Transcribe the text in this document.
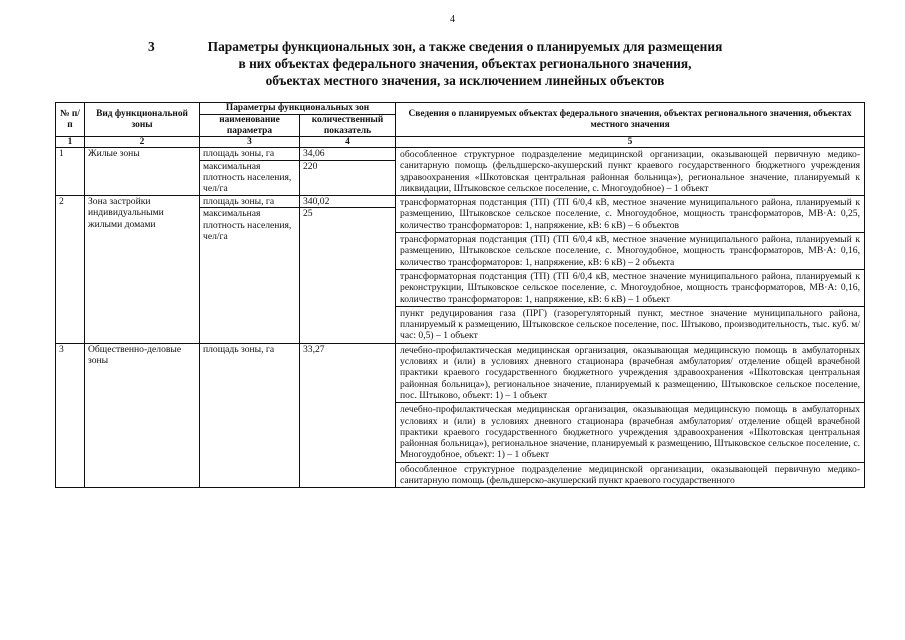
4
3	Параметры функциональных зон, а также сведения о планируемых для размещения
в них объектах федерального значения, объектах регионального значения,
объектах местного значения, за исключением линейных объектов
№ п/п	Вид функциональной зоны	Параметры функциональных зон		Сведения о планируемых объектах федерального значения, объектах регионального значения, объектах местного значения
		наименование параметра	количественный показатель	
1	2	3	4	5
1	Жилые зоны	площадь зоны, га	34,06	обособленное структурное подразделение медицинской организации, оказывающей первичную медико-санитарную помощь (фельдшерско-акушерский пункт краевого государственного бюджетного учреждения здравоохранения «Шкотовская центральная районная больница»), региональное значение, планируемый к ликвидации, Штыковское сельское поселение, с. Многоудобное) – 1 объект
		максимальная плотность населения, чел/га	220	
2	Зона застройки индивидуальными жилыми домами	площадь зоны, га	340,02	трансформаторная подстанция (ТП) (ТП 6/0,4 кВ, местное значение муниципального района, планируемый к размещению, Штыковское сельское поселение, с. Многоудобное, мощность трансформаторов, МВ·А: 0,25, количество трансформаторов: 1, напряжение, кВ: 6 кВ) – 6 объектов
		максимальная плотность населения, чел/га	25	
				трансформаторная подстанция (ТП) (ТП 6/0,4 кВ, местное значение муниципального района, планируемый к размещению, Штыковское сельское поселение, с. Многоудобное, мощность трансформаторов, МВ·А: 0,16, количество трансформаторов: 1, напряжение, кВ: 6 кВ) – 2 объекта
				трансформаторная подстанция (ТП) (ТП 6/0,4 кВ, местное значение муниципального района, планируемый к реконструкции, Штыковское сельское поселение, с. Многоудобное, мощность трансформаторов, МВ·А: 0,16, количество трансформаторов: 1, напряжение, кВ: 6 кВ) – 1 объект
				пункт редуцирования газа (ПРГ) (газорегуляторный пункт, местное значение муниципального района, планируемый к размещению, Штыковское сельское поселение, пос. Штыково, производительность, тыс. куб. м/час: 0,5) – 1 объект
3	Общественно-деловые зоны	площадь зоны, га	33,27	лечебно-профилактическая медицинская организация, оказывающая медицинскую помощь в амбулаторных условиях и (или) в условиях дневного стационара (врачебная амбулатория/ отделение общей врачебной практики краевого государственного бюджетного учреждения здравоохранения «Шкотовская центральная районная больница»), региональное значение, планируемый к размещению, Штыковское сельское поселение, пос. Штыково, объект: 1) – 1 объект
				лечебно-профилактическая медицинская организация, оказывающая медицинскую помощь в амбулаторных условиях и (или) в условиях дневного стационара (врачебная амбулатория/ отделение общей врачебной практики краевого государственного бюджетного учреждения здравоохранения «Шкотовская центральная районная больница»), региональное значение, планируемый к размещению, Штыковское сельское поселение, с. Многоудобное, объект: 1) – 1 объект
				обособленное структурное подразделение медицинской организации, оказывающей первичную медико-санитарную помощь (фельдшерско-акушерский пункт краевого государственного
